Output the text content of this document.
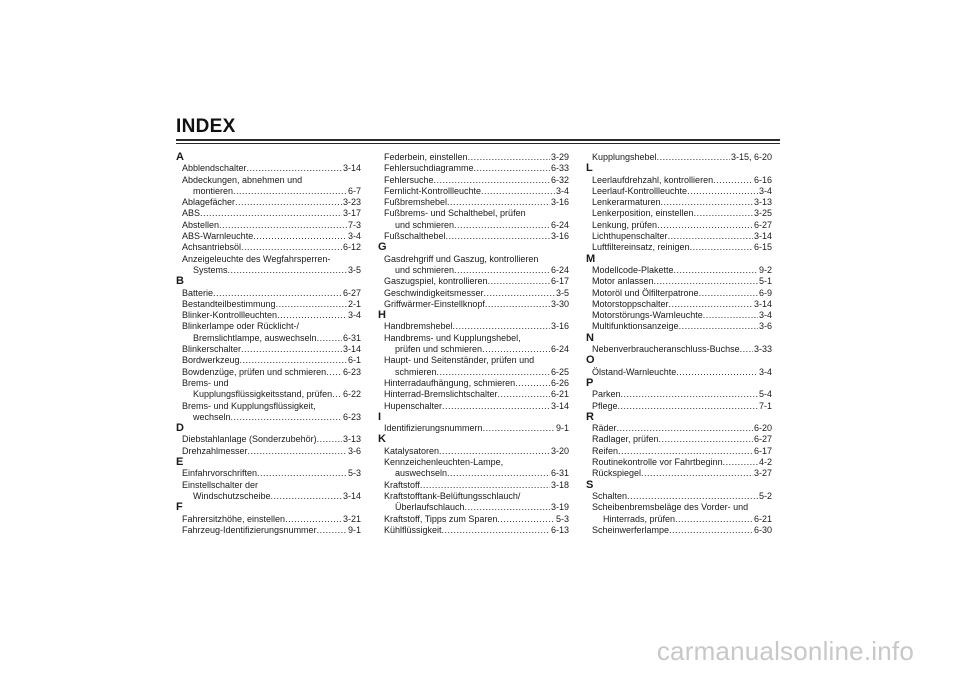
INDEX
A
Abblendschalter .....	3-14
Abdeckungen, abnehmen und
montieren .....	6-7
Ablagefächer .....	3-23
ABS .....	3-17
Abstellen .....	7-3
ABS-Warnleuchte .....	3-4
Achsantriebsöl .....	6-12
Anzeigeleuchte des Wegfahrsperren-
Systems .....	3-5
B
Batterie .....	6-27
Bestandteilbestimmung .....	2-1
Blinker-Kontrollleuchten .....	3-4
Blinkerlampe oder Rücklicht-/
Bremslichtlampe, auswechseln .....	6-31
Blinkerschalter .....	3-14
Bordwerkzeug .....	6-1
Bowdenzüge, prüfen und schmieren ..... 6-23
Brems- und
Kupplungsflüssigkeitsstand, prüfen ..... 6-22
Brems- und Kupplungsflüssigkeit,
wechseln .....	6-23
D
Diebstahlanlage (Sonderzubehör) .....	3-13
Drehzahlmesser .....	3-6
E
Einfahrvorschriften .....	5-3
Einstellschalter der
Windschutzscheibe .....	3-14
F
Fahrersitzhöhe, einstellen .....	3-21
Fahrzeug-Identifizierungsnummer .....	9-1
Federbein, einstellen .....	3-29
Fehlersuchdiagramme .....	6-33
Fehlersuche .....	6-32
Fernlicht-Kontrollleuchte .....	3-4
Fußbremshebel .....	3-16
Fußbrems- und Schalthebel, prüfen
und schmieren .....	6-24
Fußschalthebel .....	3-16
G
Gasdrehgriff und Gaszug, kontrollieren
und schmieren .....	6-24
Gaszugspiel, kontrollieren .....	6-17
Geschwindigkeitsmesser .....	3-5
Griffwärmer-Einstellknopf .....	3-30
H
Handbremshebel .....	3-16
Handbrems- und Kupplungshebel,
prüfen und schmieren .....	6-24
Haupt- und Seitenständer, prüfen und
schmieren .....	6-25
Hinterradaufhängung, schmieren .....	6-26
Hinterrad-Bremslichtschalter .....	6-21
Hupenschalter .....	3-14
I
Identifizierungsnummern .....	9-1
K
Katalysatoren .....	3-20
Kennzeichenleuchten-Lampe,
auswechseln .....	6-31
Kraftstoff .....	3-18
Kraftstofftank-Belüftungsschlauch/
Überlaufschlauch .....	3-19
Kraftstoff, Tipps zum Sparen .....	5-3
Kühlflüssigkeit .....	6-13
Kupplungshebel .....	3-15, 6-20
L
Leerlaufdrehzahl, kontrollieren .....	6-16
Leerlauf-Kontrollleuchte .....	3-4
Lenkerarmaturen .....	3-13
Lenkerposition, einstellen .....	3-25
Lenkung, prüfen .....	6-27
Lichthupenschalter .....	3-14
Luftfiltereinsatz, reinigen .....	6-15
M
Modellcode-Plakette .....	9-2
Motor anlassen .....	5-1
Motoröl und Ölfilterpatrone .....	6-9
Motorstoppschalter .....	3-14
Motorstörungs-Warnleuchte .....	3-4
Multifunktionsanzeige .....	3-6
N
Nebenverbraucheranschluss-Buchse ..... 3-33
O
Ölstand-Warnleuchte .....	3-4
P
Parken .....	5-4
Pflege .....	7-1
R
Räder .....	6-20
Radlager, prüfen .....	6-27
Reifen .....	6-17
Routinekontrolle vor Fahrtbeginn .....	4-2
Rückspiegel .....	3-27
S
Schalten .....	5-2
Scheibenbremsbeläge des Vorder- und
Hinterrads, prüfen .....	6-21
Scheinwerferlampe .....	6-30
carmanualsonline.info
